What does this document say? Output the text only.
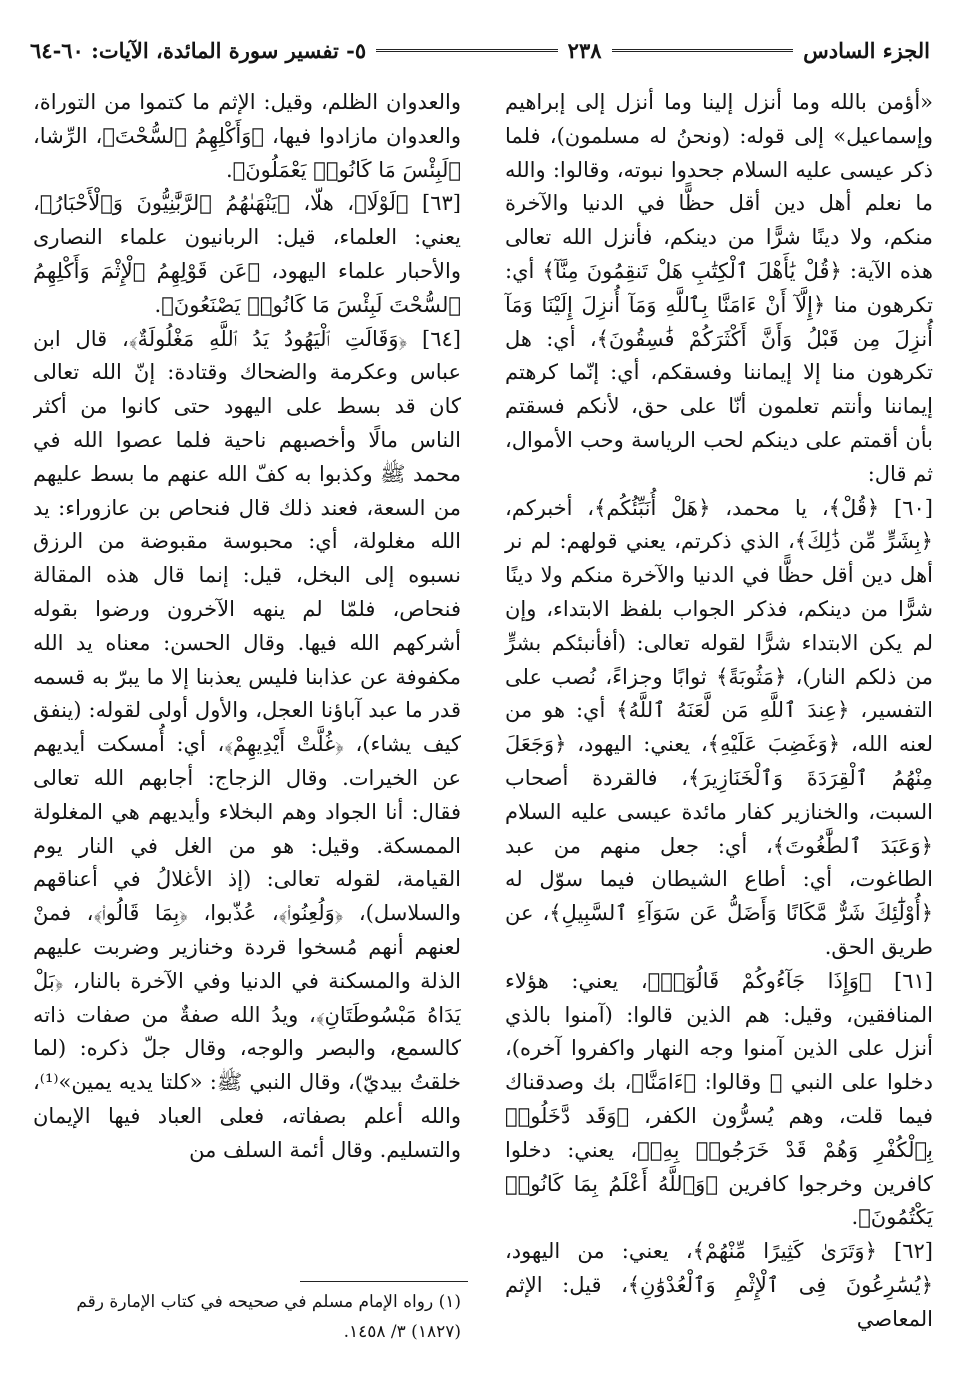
الجزء السادس
٢٣٨
٥- تفسير سورة المائدة، الآيات: ٦٠-٦٤

«أؤمن بالله وما أنزل إلينا وما أنزل إلى إبراهيم وإسماعيل» إلى قوله: (ونحنُ له مسلمون)، فلما ذكر عيسى عليه السلام جحدوا نبوته، وقالوا: والله ما نعلم أهل دين أقل حظًّا في الدنيا والآخرة منكم، ولا دينًا شرًّا من دينكم، فأنزل الله تعالى هذه الآية: ﴿قُلْ يَٰأَهْلَ ٱلْكِتَٰبِ هَلْ تَنقِمُونَ مِنَّآ﴾ أي: تكرهون منا ﴿إِلَّآ أَنْ ءَامَنَّا بِٱللَّهِ وَمَآ أُنزِلَ إِلَيْنَا وَمَآ أُنزِلَ مِن قَبْلُ وَأَنَّ أَكْثَرَكُمْ فَٰسِقُونَ﴾، أي: هل تكرهون منا إلا إيماننا وفسقكم، أي: إنّما كرهتم إيماننا وأنتم تعلمون أنّا على حق، لأنكم فسقتم بأن أقمتم على دينكم لحب الرياسة وحب الأموال، ثم قال:

[٦٠] ﴿قُلْ﴾، يا محمد، ﴿هَلْ أُنَبِّئُكُم﴾، أخبركم، ﴿بِشَرٍّ مِّن ذَٰلِكَ﴾، الذي ذكرتم، يعني قولهم: لم نر أهل دين أقل حظًّا في الدنيا والآخرة منكم ولا دينًا شرًّا من دينكم، فذكر الجواب بلفظ الابتداء، وإن لم يكن الابتداء شرًّا لقوله تعالى: (أفأنبئكم بشرٍّ من ذلكم النار)، ﴿مَثُوبَةً﴾ ثوابًا وجزاءً، نُصب على التفسير، ﴿عِندَ ٱللَّهِ مَن لَّعَنَهُ ٱللَّهُ﴾ أي: هو من لعنه الله، ﴿وَغَضِبَ عَلَيْهِ﴾، يعني: اليهود، ﴿وَجَعَلَ مِنْهُمُ ٱلْقِرَدَةَ وَٱلْخَنَازِيرَ﴾، فالقردة أصحاب السبت، والخنازير كفار مائدة عيسى عليه السلام ﴿وَعَبَدَ ٱلطَّٰغُوتَ﴾، أي: جعل منهم من عبد الطاغوت، أي: أطاع الشيطان فيما سوّل له ﴿أُوْلَٰٓئِكَ شَرٌّ مَّكَانًا وَأَضَلُّ عَن سَوَآءِ ٱلسَّبِيلِ﴾، عن طريق الحق.

[٦١] ﴿وَإِذَا جَآءُوكُمْ قَالُوٓا۟﴾، يعني: هؤلاء المنافقين، وقيل: هم الذين قالوا: (آمنوا بالذي أنزل على الذين آمنوا وجه النهار واكفروا آخره)، دخلوا على النبي ﷺ وقالوا: ﴿ءَامَنَّا﴾، بك وصدقناك فيما قلت، وهم يُسرُّون الكفر، ﴿وَقَد دَّخَلُوا۟ بِٱلْكُفْرِ وَهُمْ قَدْ خَرَجُوا۟ بِهِۦ﴾، يعني: دخلوا كافرين وخرجوا كافرين ﴿وَٱللَّهُ أَعْلَمُ بِمَا كَانُوا۟ يَكْتُمُونَ﴾.

[٦٢] ﴿وَتَرَىٰ كَثِيرًا مِّنْهُمْ﴾، يعني: من اليهود، ﴿يُسَٰرِعُونَ فِى ٱلْإِثْمِ وَٱلْعُدْوَٰنِ﴾، قيل: الإثم المعاصي

والعدوان الظلم، وقيل: الإثم ما كتموا من التوراة، والعدوان مازادوا فيها، ﴿وَأَكْلِهِمُ ٱلسُّحْتَ﴾، الرِّشا، ﴿لَبِئْسَ مَا كَانُوا۟ يَعْمَلُونَ﴾.

[٦٣] ﴿لَوْلَا﴾، هلّا، ﴿يَنْهَىٰهُمُ ٱلرَّبَّٰنِيُّونَ وَٱلْأَحْبَارُ﴾، يعني: العلماء، قيل: الربانيون علماء النصارى والأحبار علماء اليهود، ﴿عَن قَوْلِهِمُ ٱلْإِثْمَ وَأَكْلِهِمُ ٱلسُّحْتَ لَبِئْسَ مَا كَانُوا۟ يَصْنَعُونَ﴾.

[٦٤] ﴿وَقَالَتِ ٱلْيَهُودُ يَدُ ٱللَّهِ مَغْلُولَةٌ﴾، قال ابن عباس وعكرمة والضحاك وقتادة: إنّ الله تعالى كان قد بسط على اليهود حتى كانوا من أكثر الناس مالًا وأخصبهم ناحية فلما عصوا الله في محمد ﷺ وكذبوا به كفّ الله عنهم ما بسط عليهم من السعة، فعند ذلك قال فنحاص بن عازوراء: يد الله مغلولة، أي: محبوسة مقبوضة من الرزق نسبوه إلى البخل، قيل: إنما قال هذه المقالة فنحاص، فلمّا لم ينهه الآخرون ورضوا بقوله أشركهم الله فيها. وقال الحسن: معناه يد الله مكفوفة عن عذابنا فليس يعذبنا إلا ما يبرّ به قسمه قدر ما عبد آباؤنا العجل، والأول أولى لقوله: (ينفق كيف يشاء)، ﴿غُلَّتْ أَيْدِيهِمْ﴾، أي: أُمسكت أيديهم عن الخيرات. وقال الزجاج: أجابهم الله تعالى فقال: أنا الجواد وهم البخلاء وأيديهم هي المغلولة الممسكة. وقيل: هو من الغل في النار يوم القيامة، لقوله تعالى: (إذ الأغلالُ في أعناقهم والسلاسل)، ﴿وَلُعِنُوا۟﴾، عُذّبوا، ﴿بِمَا قَالُوا۟﴾، فمنْ لعنهم أنهم مُسخوا قردة وخنازير وضربت عليهم الذلة والمسكنة في الدنيا وفي الآخرة بالنار، ﴿بَلْ يَدَاهُ مَبْسُوطَتَانِ﴾، ويدُ الله صفةٌ من صفات ذاته كالسمع، والبصر والوجه، وقال جلّ ذكره: (لما خلقتُ بيديّ)، وقال النبي ﷺ: «كلتا يديه يمين»⁽¹⁾، والله أعلم بصفاته، فعلى العباد فيها الإيمان والتسليم. وقال أئمة السلف من

(١) رواه الإمام مسلم في صحيحه في كتاب الإمارة رقم (١٨٢٧) ٣/ ١٤٥٨.
